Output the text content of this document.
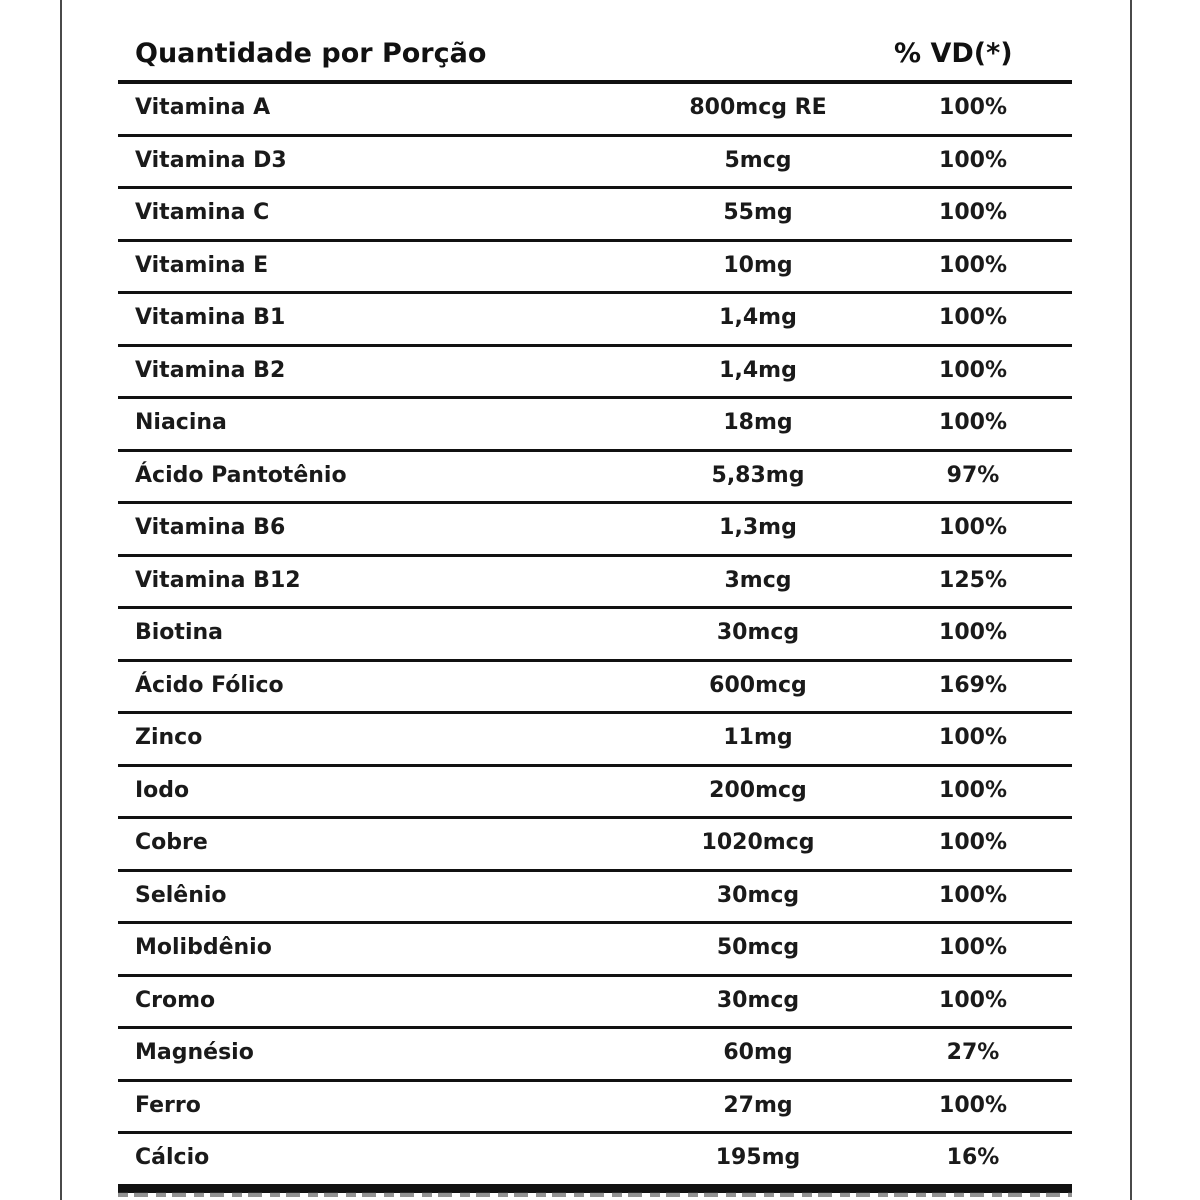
Quantidade por Porção	% VD(*)
Vitamina A	800mcg RE	100%
Vitamina D3	5mcg	100%
Vitamina C	55mg	100%
Vitamina E	10mg	100%
Vitamina B1	1,4mg	100%
Vitamina B2	1,4mg	100%
Niacina	18mg	100%
Ácido Pantotênio	5,83mg	97%
Vitamina B6	1,3mg	100%
Vitamina B12	3mcg	125%
Biotina	30mcg	100%
Ácido Fólico	600mcg	169%
Zinco	11mg	100%
Iodo	200mcg	100%
Cobre	1020mcg	100%
Selênio	30mcg	100%
Molibdênio	50mcg	100%
Cromo	30mcg	100%
Magnésio	60mg	27%
Ferro	27mg	100%
Cálcio	195mg	16%
